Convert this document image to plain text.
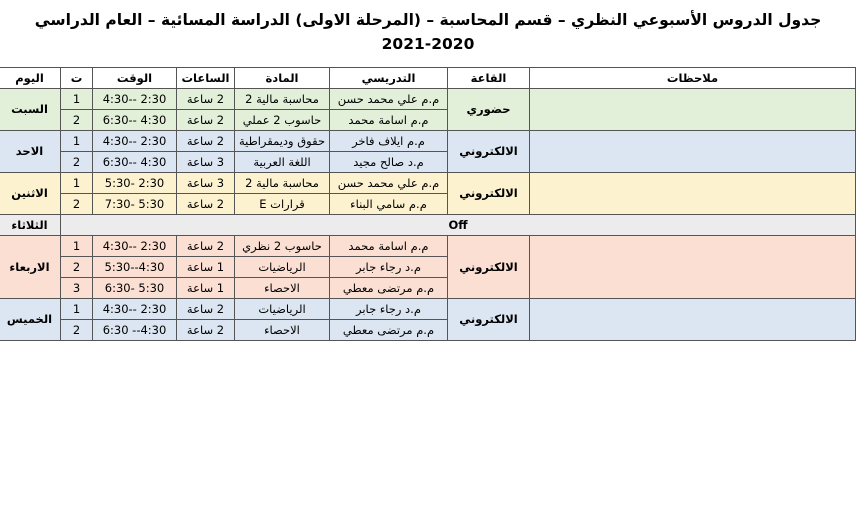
جدول الدروس الأسبوعي النظري – قسم المحاسبة – (المرحلة الاولى) الدراسة المسائية – العام الدراسي
2021-2020
ملاحظات	القاعة	التدريسي	المادة	الساعات	الوقت	ت	اليوم
	حضوري	م.م علي محمد حسن	محاسبة مالية 2	2 ساعة	2:30 --4:30	1	السبت
		م.م اسامة محمد	حاسوب 2 عملي	2 ساعة	4:30 --6:30	2	
	الالكتروني	م.م ايلاف فاخر	حقوق وديمقراطية	2 ساعة	2:30 --4:30	1	الاحد
		م.د صالح مجيد	اللغة العربية	3 ساعة	4:30 --6:30	2	
	الالكتروني	م.م علي محمد حسن	محاسبة مالية 2	3 ساعة	2:30 -5:30	1	الاثنين
		م.م سامي البناء	قرارات E	2 ساعة	5:30 -7:30	2	
Off							الثلاثاء
	الالكتروني	م.م اسامة محمد	حاسوب 2 نظري	2 ساعة	2:30 --4:30	1	الاربعاء
		م.د رجاء جابر	الرياضيات	1 ساعة	4:30--5:30	2	
		م.م مرتضى معطي	الاحصاء	1 ساعة	5:30 -6:30	3	
	الالكتروني	م.د رجاء جابر	الرياضيات	2 ساعة	2:30 --4:30	1	الخميس
		م.م مرتضى معطي	الاحصاء	2 ساعة	4:30-- 6:30	2	
